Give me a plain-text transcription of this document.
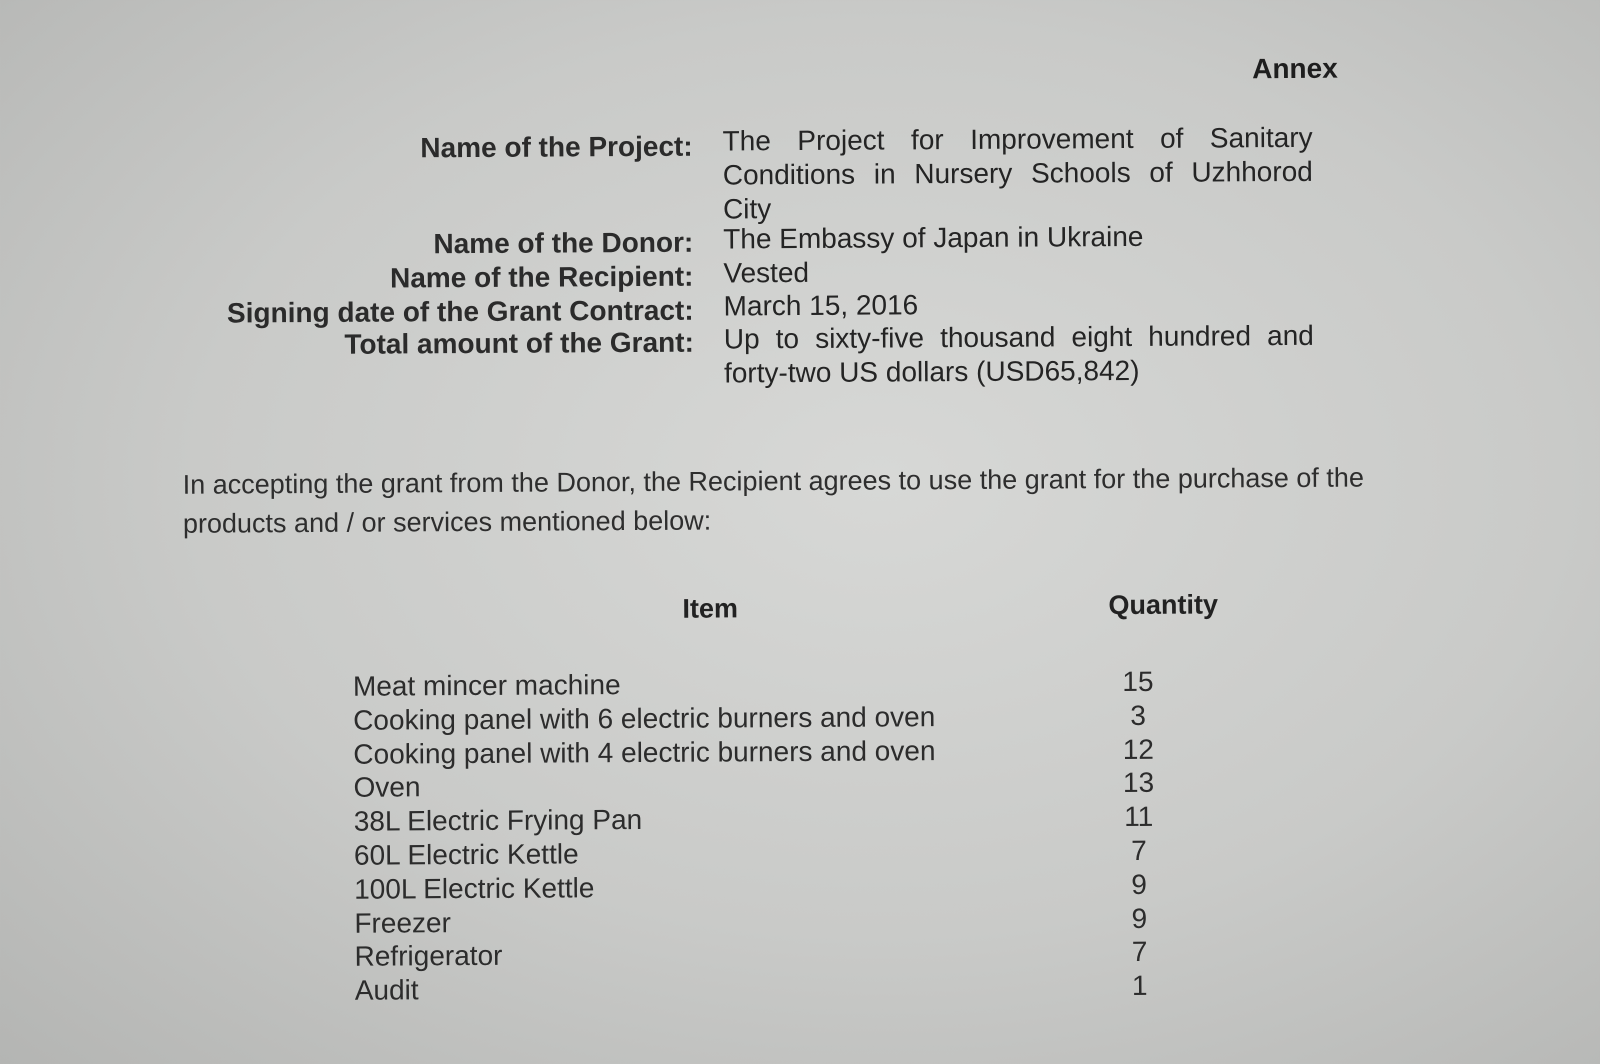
Annex
Name of the Project: The Project for Improvement of Sanitary Conditions in Nursery Schools of Uzhhorod City
Name of the Donor: The Embassy of Japan in Ukraine
Name of the Recipient: Vested
Signing date of the Grant Contract: March 15, 2016
Total amount of the Grant: Up to sixty-five thousand eight hundred and forty-two US dollars (USD65,842)
In accepting the grant from the Donor, the Recipient agrees to use the grant for the purchase of the products and / or services mentioned below:
Item	Quantity
Meat mincer machine	15
Cooking panel with 6 electric burners and oven	3
Cooking panel with 4 electric burners and oven	12
Oven	13
38L Electric Frying Pan	11
60L Electric Kettle	7
100L Electric Kettle	9
Freezer	9
Refrigerator	7
Audit	1
